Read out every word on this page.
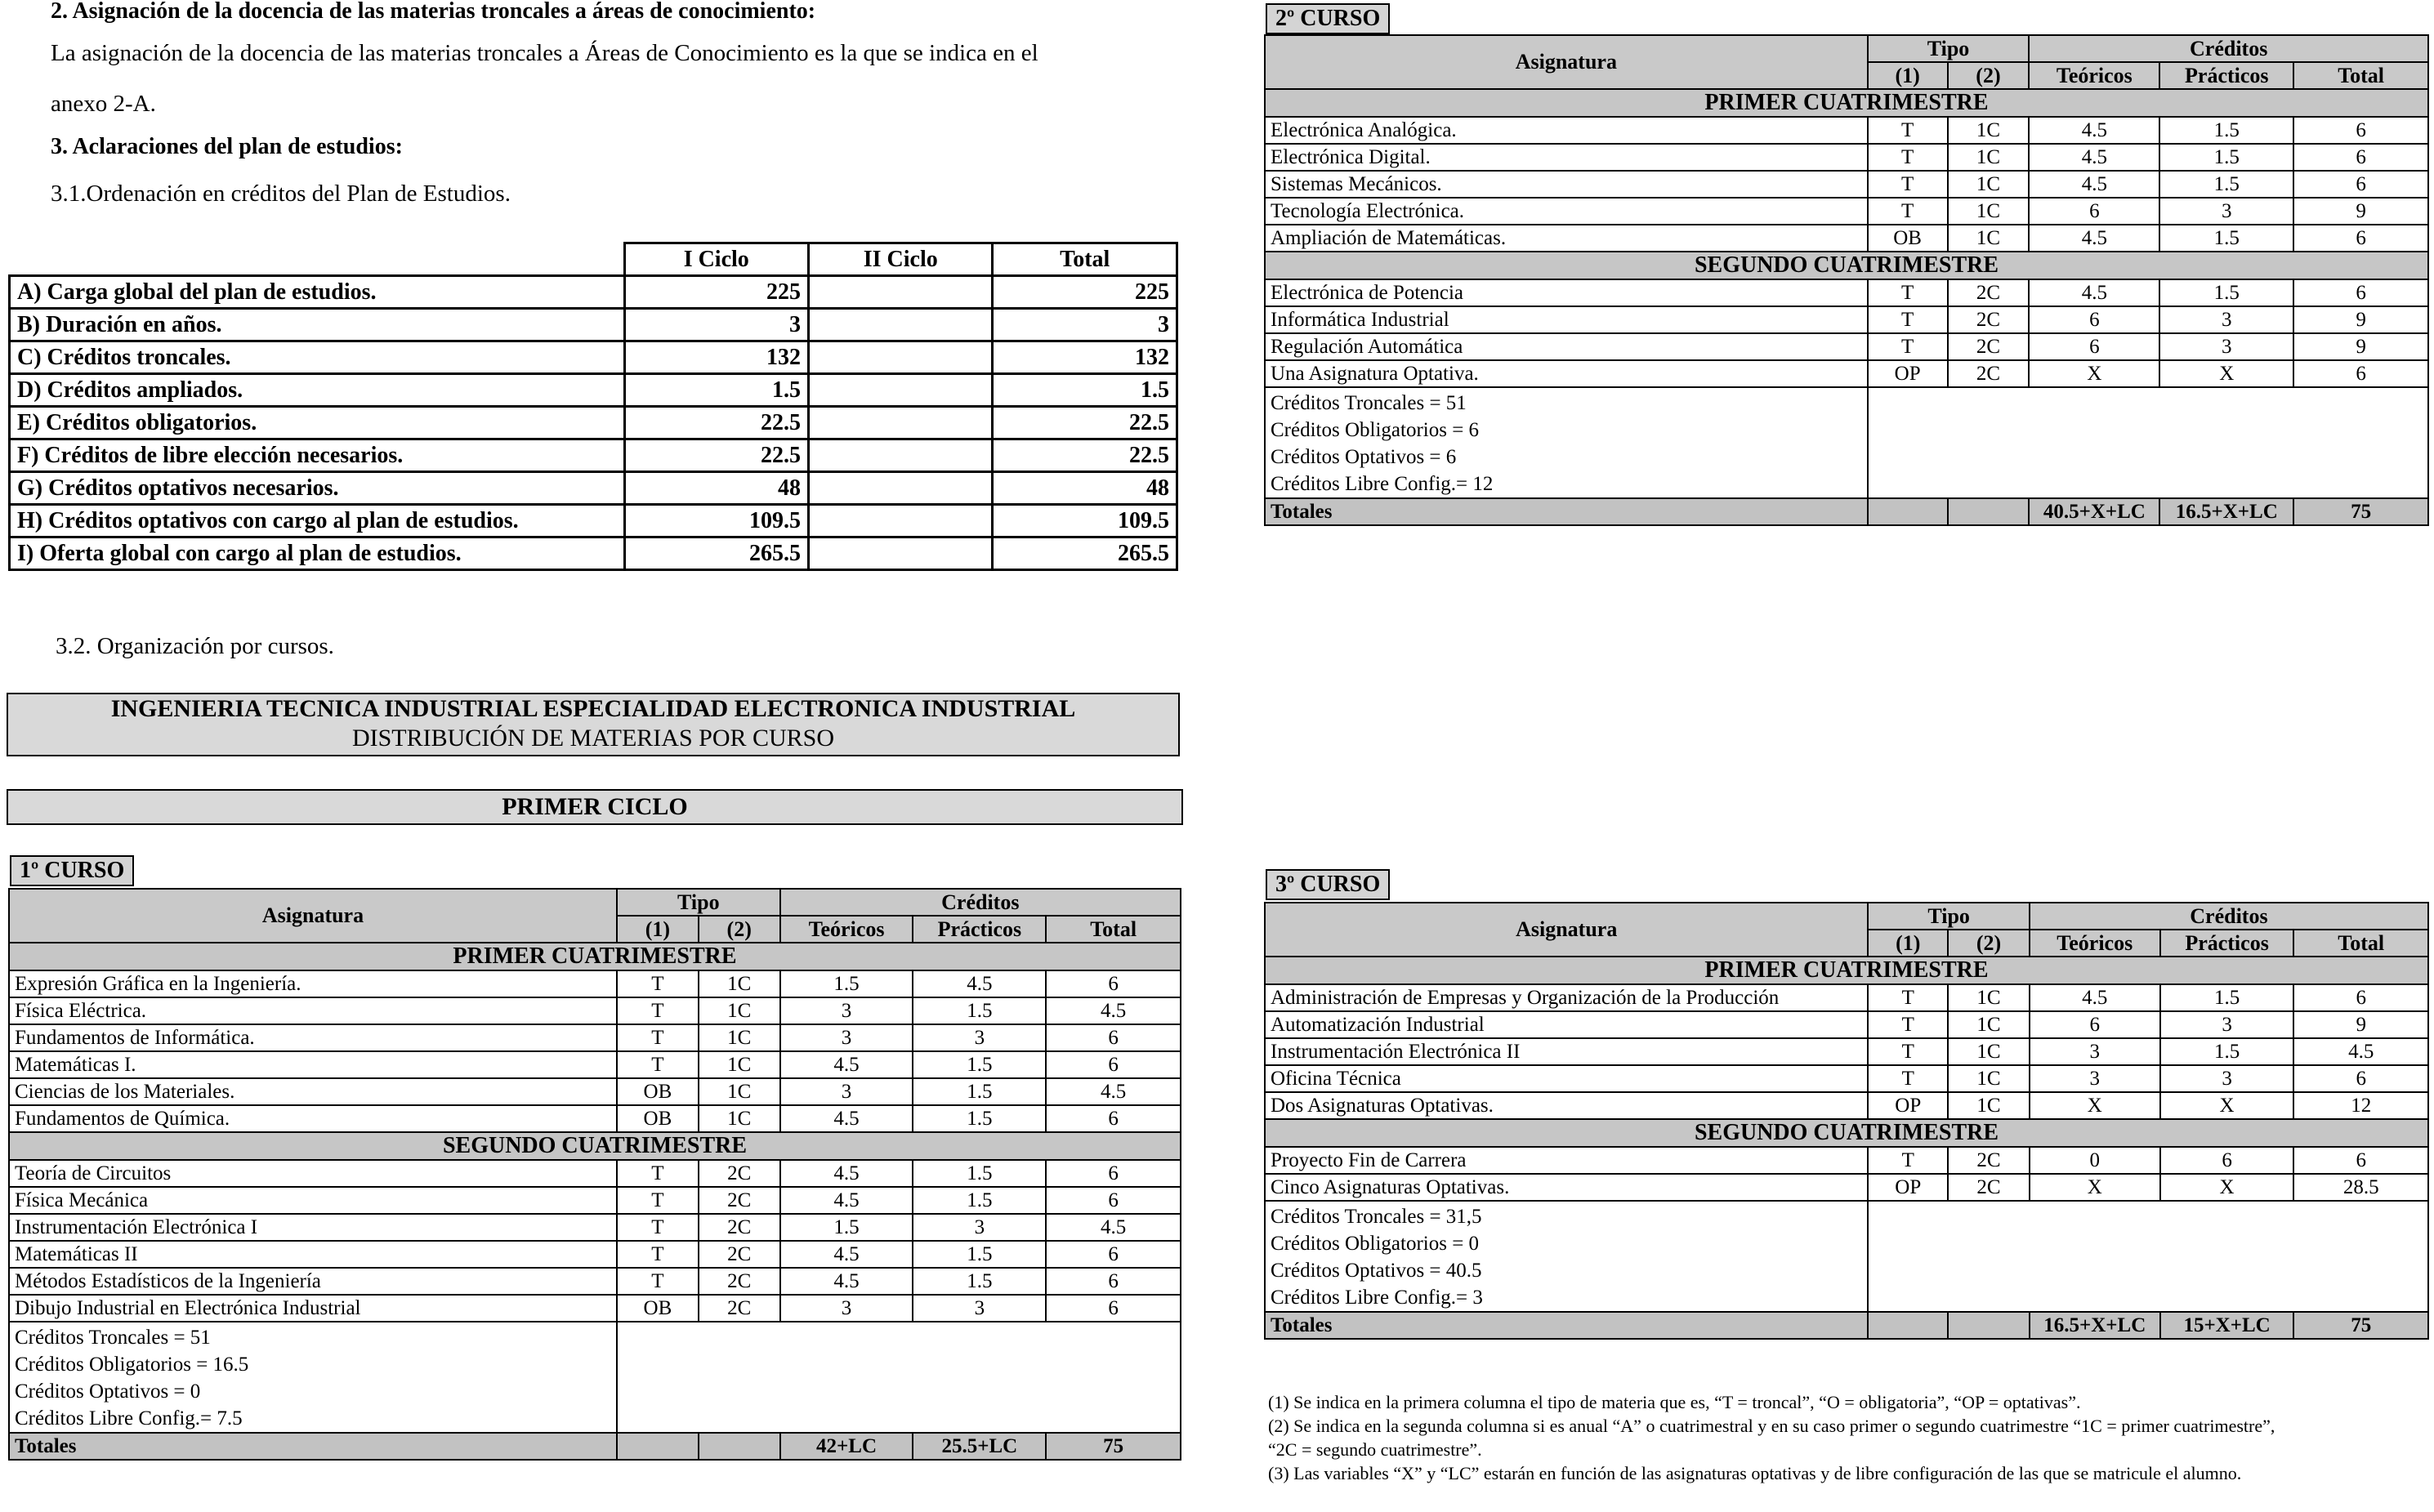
2. Asignación de la docencia de las materias troncales a áreas de conocimiento:
La asignación de la docencia de las materias troncales a Áreas de Conocimiento es la que se indica en el
anexo 2-A.
3. Aclaraciones del plan de estudios:
3.1.Ordenación en créditos del Plan de Estudios.
	I Ciclo	II Ciclo	Total
A) Carga global del plan de estudios.	225		225
B) Duración en años.	3		3
C) Créditos troncales.	132		132
D) Créditos ampliados.	1.5		1.5
E) Créditos obligatorios.	22.5		22.5
F) Créditos de libre elección necesarios.	22.5		22.5
G) Créditos optativos necesarios.	48		48
H) Créditos optativos con cargo al plan de estudios.	109.5		109.5
I) Oferta global con cargo al plan de estudios.	265.5		265.5
3.2. Organización por cursos.
INGENIERIA TECNICA INDUSTRIAL ESPECIALIDAD ELECTRONICA INDUSTRIAL
DISTRIBUCIÓN DE MATERIAS POR CURSO
PRIMER CICLO
1º CURSO
2º CURSO
3º CURSO
Asignatura	Tipo		Créditos		
	(1)	(2)	Teóricos	Prácticos	Total
PRIMER CUATRIMESTRE					
Expresión Gráfica en la Ingeniería.	T	1C	1.5	4.5	6
Física Eléctrica.	T	1C	3	1.5	4.5
Fundamentos de Informática.	T	1C	3	3	6
Matemáticas I.	T	1C	4.5	1.5	6
Ciencias de los Materiales.	OB	1C	3	1.5	4.5
Fundamentos de Química.	OB	1C	4.5	1.5	6
SEGUNDO CUATRIMESTRE					
Teoría de Circuitos	T	2C	4.5	1.5	6
Física Mecánica	T	2C	4.5	1.5	6
Instrumentación Electrónica I	T	2C	1.5	3	4.5
Matemáticas II	T	2C	4.5	1.5	6
Métodos Estadísticos de la Ingeniería	T	2C	4.5	1.5	6
Dibujo Industrial en Electrónica Industrial	OB	2C	3	3	6

Créditos Troncales = 51
Créditos Obligatorios = 16.5
Créditos Optativos = 0
Créditos Libre Config.= 7.5					

Totales			42+LC	25.5+LC	75
Asignatura	Tipo		Créditos		
	(1)	(2)	Teóricos	Prácticos	Total
PRIMER CUATRIMESTRE					
Electrónica Analógica.	T	1C	4.5	1.5	6
Electrónica Digital.	T	1C	4.5	1.5	6
Sistemas Mecánicos.	T	1C	4.5	1.5	6
Tecnología Electrónica.	T	1C	6	3	9
Ampliación de Matemáticas.	OB	1C	4.5	1.5	6
SEGUNDO CUATRIMESTRE					
Electrónica de Potencia	T	2C	4.5	1.5	6
Informática Industrial	T	2C	6	3	9
Regulación Automática	T	2C	6	3	9
Una Asignatura Optativa.	OP	2C	X	X	6

Créditos Troncales = 51
Créditos Obligatorios = 6
Créditos Optativos = 6
Créditos Libre Config.= 12					

Totales			40.5+X+LC	16.5+X+LC	75
Asignatura	Tipo		Créditos		
	(1)	(2)	Teóricos	Prácticos	Total
PRIMER CUATRIMESTRE					
Administración de Empresas y Organización de la Producción	T	1C	4.5	1.5	6
Automatización Industrial	T	1C	6	3	9
Instrumentación Electrónica II	T	1C	3	1.5	4.5
Oficina Técnica	T	1C	3	3	6
Dos Asignaturas Optativas.	OP	1C	X	X	12
SEGUNDO CUATRIMESTRE					
Proyecto Fin de Carrera	T	2C	0	6	6
Cinco Asignaturas Optativas.	OP	2C	X	X	28.5

Créditos Troncales = 31,5
Créditos Obligatorios = 0
Créditos Optativos = 40.5
Créditos Libre Config.= 3					

Totales			16.5+X+LC	15+X+LC	75
(1) Se indica en la primera columna el tipo de materia que es, “T = troncal”, “O = obligatoria”, “OP = optativas”.
(2) Se indica en la segunda columna si es anual “A” o cuatrimestral y en su caso primer o segundo cuatrimestre “1C = primer cuatrimestre”,
“2C = segundo cuatrimestre”.
(3) Las variables “X” y “LC” estarán en función de las asignaturas optativas y de libre configuración de las que se matricule el alumno.
